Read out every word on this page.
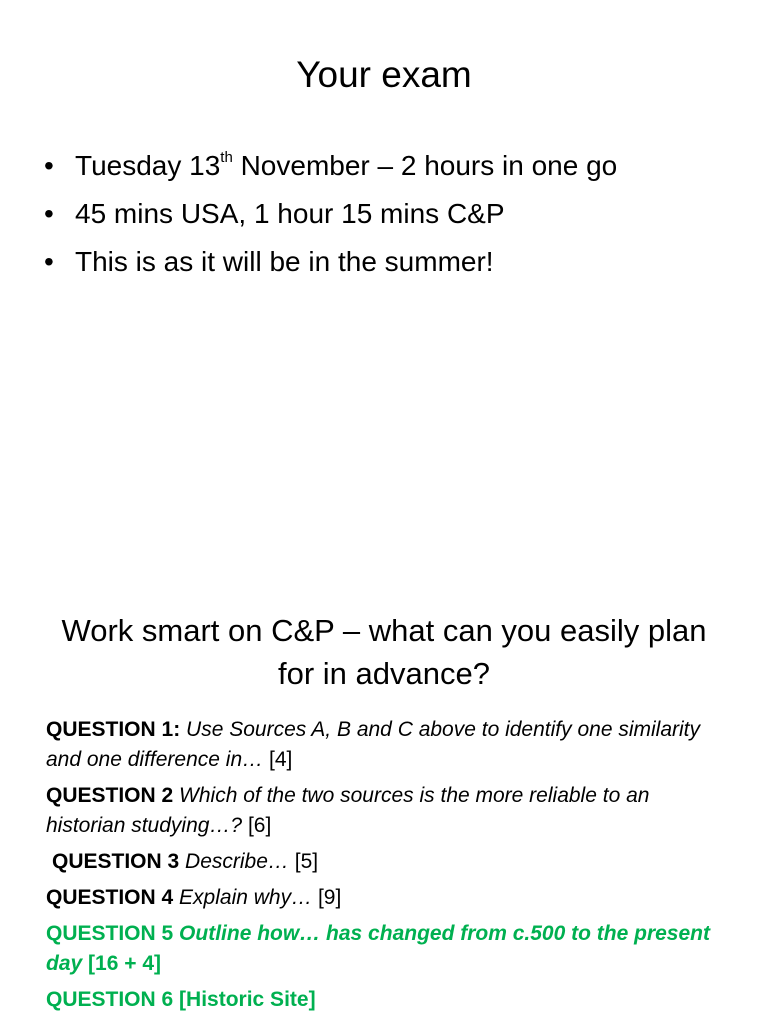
Your exam
• Tuesday 13th November – 2 hours in one go
• 45 mins USA, 1 hour 15 mins C&P
• This is as it will be in the summer!
Work smart on C&P – what can you easily plan for in advance?
QUESTION 1: Use Sources A, B and C above to identify one similarity and one difference in… [4]
QUESTION 2 Which of the two sources is the more reliable to an historian studying…? [6]
QUESTION 3 Describe… [5]
QUESTION 4 Explain why… [9]
QUESTION 5 Outline how… has changed from c.500 to the present day [16 + 4]
QUESTION 6 [Historic Site]
